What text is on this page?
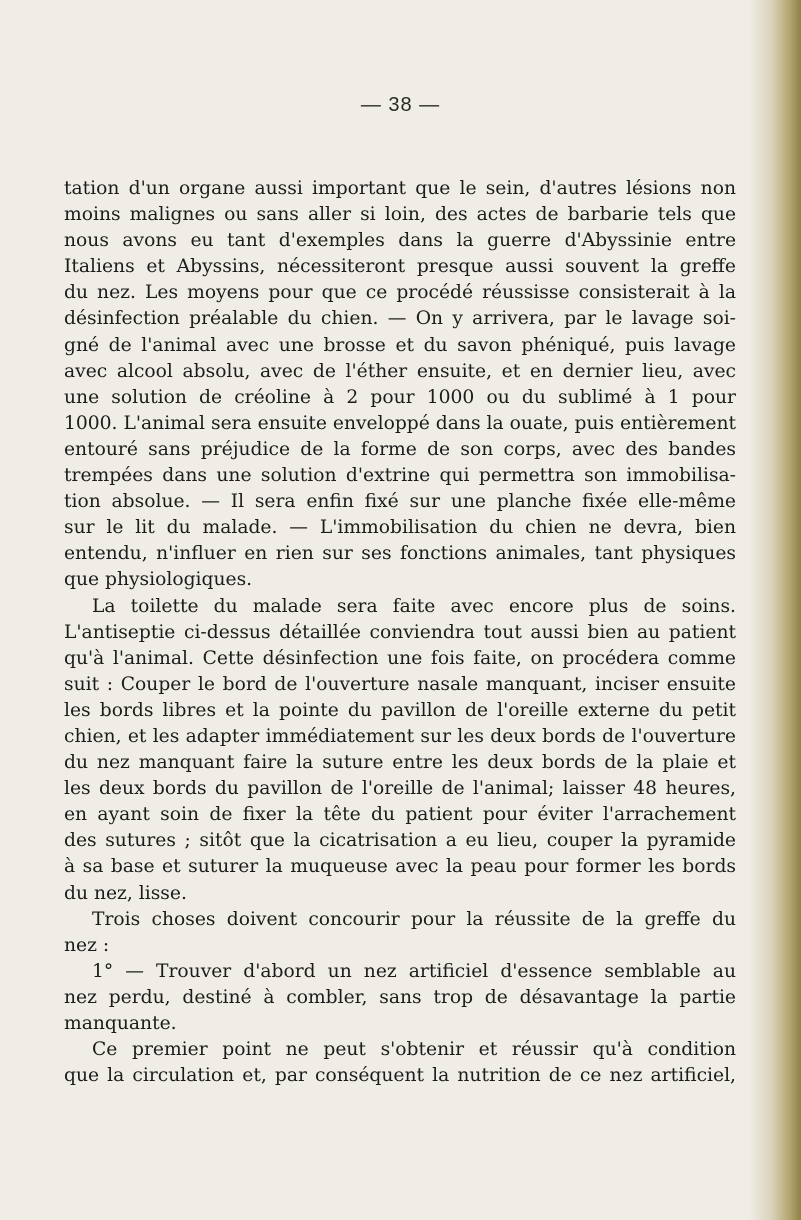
— 38 —
tation d'un organe aussi important que le sein, d'autres lésions non
moins malignes ou sans aller si loin, des actes de barbarie tels que
nous avons eu tant d'exemples dans la guerre d'Abyssinie entre
Italiens et Abyssins, nécessiteront presque aussi souvent la greffe
du nez. Les moyens pour que ce procédé réussisse consisterait à la
désinfection préalable du chien. — On y arrivera, par le lavage soi-
gné de l'animal avec une brosse et du savon phéniqué, puis lavage
avec alcool absolu, avec de l'éther ensuite, et en dernier lieu, avec
une solution de créoline à 2 pour 1000 ou du sublimé à 1 pour
1000. L'animal sera ensuite enveloppé dans la ouate, puis entièrement
entouré sans préjudice de la forme de son corps, avec des bandes
trempées dans une solution d'extrine qui permettra son immobilisa-
tion absolue. — Il sera enfin fixé sur une planche fixée elle-même
sur le lit du malade. — L'immobilisation du chien ne devra, bien
entendu, n'influer en rien sur ses fonctions animales, tant physiques
que physiologiques.
La toilette du malade sera faite avec encore plus de soins.
L'antiseptie ci-dessus détaillée conviendra tout aussi bien au patient
qu'à l'animal. Cette désinfection une fois faite, on procédera comme
suit : Couper le bord de l'ouverture nasale manquant, inciser ensuite
les bords libres et la pointe du pavillon de l'oreille externe du petit
chien, et les adapter immédiatement sur les deux bords de l'ouverture
du nez manquant faire la suture entre les deux bords de la plaie et
les deux bords du pavillon de l'oreille de l'animal; laisser 48 heures,
en ayant soin de fixer la tête du patient pour éviter l'arrachement
des sutures ; sitôt que la cicatrisation a eu lieu, couper la pyramide
à sa base et suturer la muqueuse avec la peau pour former les bords
du nez, lisse.
Trois choses doivent concourir pour la réussite de la greffe du
nez :
1° — Trouver d'abord un nez artificiel d'essence semblable au
nez perdu, destiné à combler, sans trop de désavantage la partie
manquante.
Ce premier point ne peut s'obtenir et réussir qu'à condition
que la circulation et, par conséquent la nutrition de ce nez artificiel,
